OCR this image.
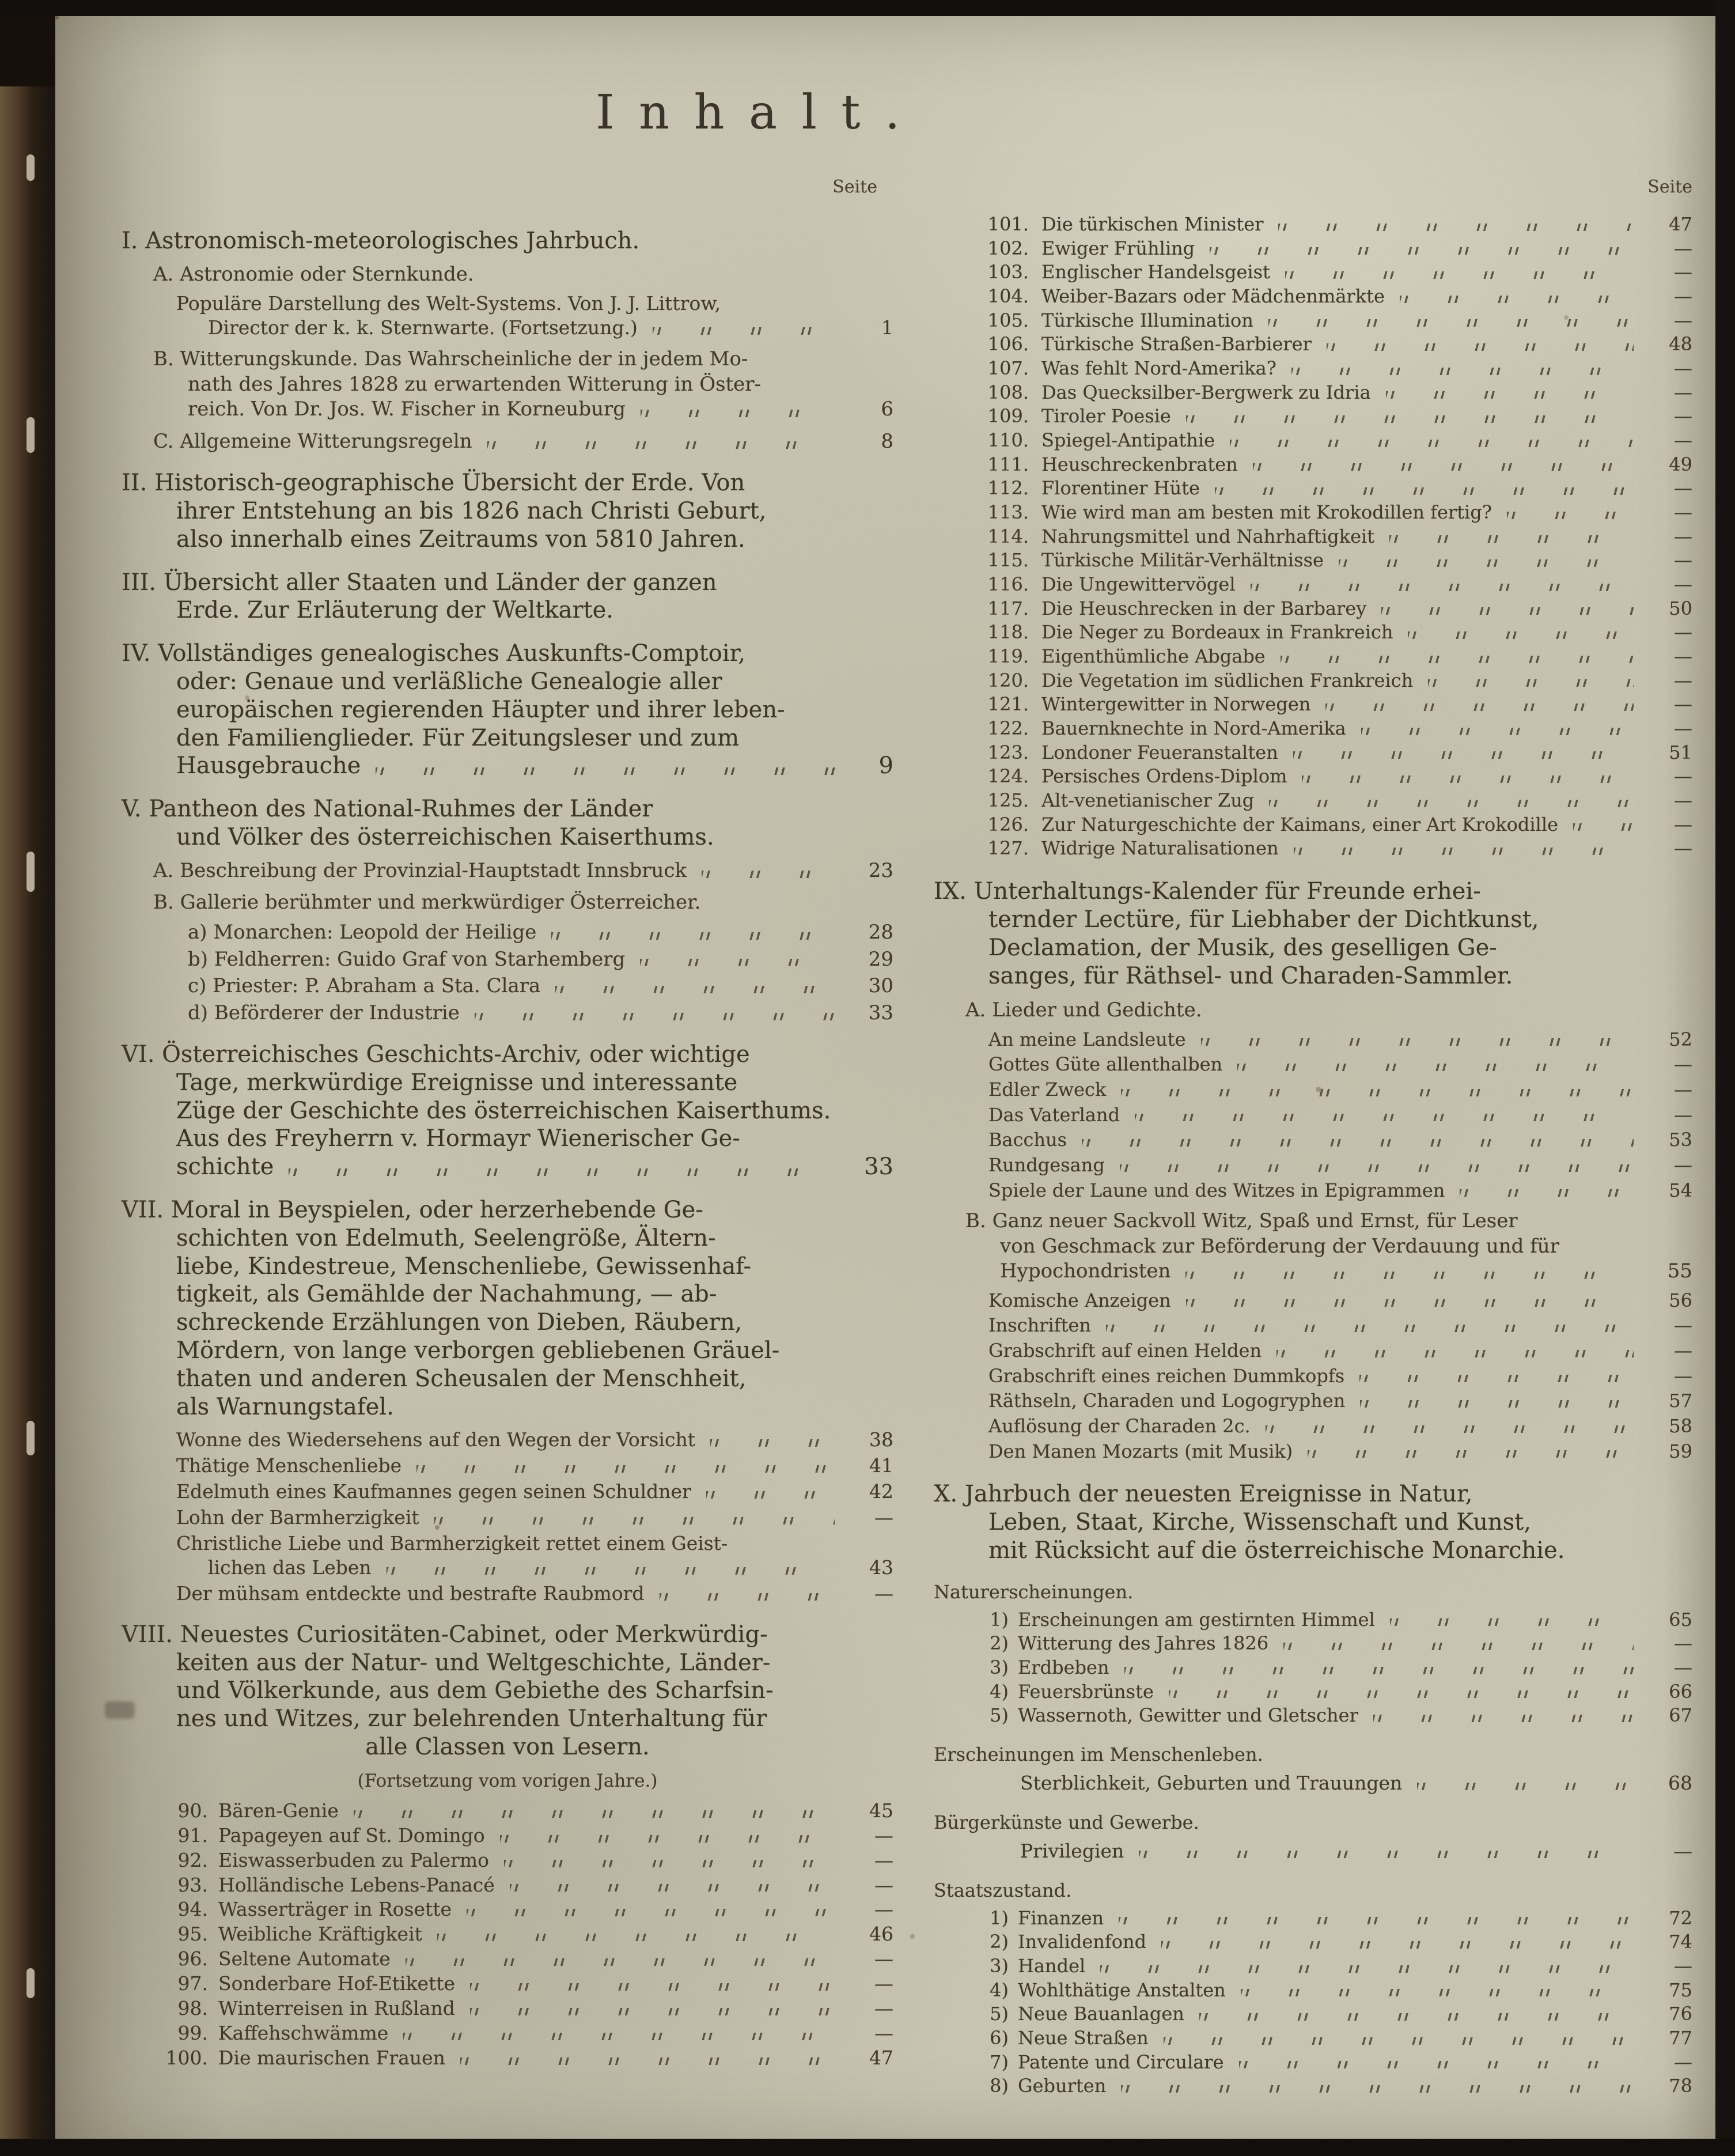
Inhalt.
Seite	Seite
I. Astronomisch-meteorologisches Jahrbuch.
A. Astronomie oder Sternkunde.
Populäre Darstellung des Welt-Systems. Von J. J. Littrow,
Director der k. k. Sternwarte. (Fortsetzung.)	1
B. Witterungskunde. Das Wahrscheinliche der in jedem Mo-
nath des Jahres 1828 zu erwartenden Witterung in Öster-
reich. Von Dr. Jos. W. Fischer in Korneuburg	6
C. Allgemeine Witterungsregeln	8
II. Historisch-geographische Übersicht der Erde. Von
ihrer Entstehung an bis 1826 nach Christi Geburt,
also innerhalb eines Zeitraums von 5810 Jahren.
III. Übersicht aller Staaten und Länder der ganzen
Erde. Zur Erläuterung der Weltkarte.
IV. Vollständiges genealogisches Auskunfts-Comptoir,
oder: Genaue und verläßliche Genealogie aller
europäischen regierenden Häupter und ihrer leben-
den Familienglieder. Für Zeitungsleser und zum
Hausgebrauche	9
V. Pantheon des National-Ruhmes der Länder
und Völker des österreichischen Kaiserthums.
A. Beschreibung der Provinzial-Hauptstadt Innsbruck	23
B. Gallerie berühmter und merkwürdiger Österreicher.
a) Monarchen: Leopold der Heilige	28
b) Feldherren: Guido Graf von Starhemberg	29
c) Priester: P. Abraham a Sta. Clara	30
d) Beförderer der Industrie	33
VI. Österreichisches Geschichts-Archiv, oder wichtige
Tage, merkwürdige Ereignisse und interessante
Züge der Geschichte des österreichischen Kaiserthums.
Aus des Freyherrn v. Hormayr Wienerischer Ge-
schichte	33
VII. Moral in Beyspielen, oder herzerhebende Ge-
schichten von Edelmuth, Seelengröße, Ältern-
liebe, Kindestreue, Menschenliebe, Gewissenhaf-
tigkeit, als Gemählde der Nachahmung, — ab-
schreckende Erzählungen von Dieben, Räubern,
Mördern, von lange verborgen gebliebenen Gräuel-
thaten und anderen Scheusalen der Menschheit,
als Warnungstafel.
Wonne des Wiedersehens auf den Wegen der Vorsicht	38
Thätige Menschenliebe	41
Edelmuth eines Kaufmannes gegen seinen Schuldner	42
Lohn der Barmherzigkeit	—
Christliche Liebe und Barmherzigkeit rettet einem Geist-
lichen das Leben	43
Der mühsam entdeckte und bestrafte Raubmord	—
VIII. Neuestes Curiositäten-Cabinet, oder Merkwürdig-
keiten aus der Natur- und Weltgeschichte, Länder-
und Völkerkunde, aus dem Gebiethe des Scharfsin-
nes und Witzes, zur belehrenden Unterhaltung für
alle Classen von Lesern.
(Fortsetzung vom vorigen Jahre.)
90. Bären-Genie	45
91. Papageyen auf St. Domingo	—
92. Eiswasserbuden zu Palermo	—
93. Holländische Lebens-Panacé	—
94. Wasserträger in Rosette	—
95. Weibliche Kräftigkeit	46
96. Seltene Automate	—
97. Sonderbare Hof-Etikette	—
98. Winterreisen in Rußland	—
99. Kaffehschwämme	—
100. Die maurischen Frauen	47
101. Die türkischen Minister	47
102. Ewiger Frühling	—
103. Englischer Handelsgeist	—
104. Weiber-Bazars oder Mädchenmärkte	—
105. Türkische Illumination	—
106. Türkische Straßen-Barbierer	48
107. Was fehlt Nord-Amerika?	—
108. Das Quecksilber-Bergwerk zu Idria	—
109. Tiroler Poesie	—
110. Spiegel-Antipathie	—
111. Heuschreckenbraten	49
112. Florentiner Hüte	—
113. Wie wird man am besten mit Krokodillen fertig?	—
114. Nahrungsmittel und Nahrhaftigkeit	—
115. Türkische Militär-Verhältnisse	—
116. Die Ungewittervögel	—
117. Die Heuschrecken in der Barbarey	50
118. Die Neger zu Bordeaux in Frankreich	—
119. Eigenthümliche Abgabe	—
120. Die Vegetation im südlichen Frankreich	—
121. Wintergewitter in Norwegen	—
122. Bauernknechte in Nord-Amerika	—
123. Londoner Feueranstalten	51
124. Persisches Ordens-Diplom	—
125. Alt-venetianischer Zug	—
126. Zur Naturgeschichte der Kaimans, einer Art Krokodille	—
127. Widrige Naturalisationen	—
IX. Unterhaltungs-Kalender für Freunde erhei-
ternder Lectüre, für Liebhaber der Dichtkunst,
Declamation, der Musik, des geselligen Ge-
sanges, für Räthsel- und Charaden-Sammler.
A. Lieder und Gedichte.
An meine Landsleute	52
Gottes Güte allenthalben	—
Edler Zweck	—
Das Vaterland	—
Bacchus	53
Rundgesang	—
Spiele der Laune und des Witzes in Epigrammen	54
B. Ganz neuer Sackvoll Witz, Spaß und Ernst, für Leser
von Geschmack zur Beförderung der Verdauung und für
Hypochondristen	55
Komische Anzeigen	56
Inschriften	—
Grabschrift auf einen Helden	—
Grabschrift eines reichen Dummkopfs	—
Räthseln, Charaden und Logogryphen	57
Auflösung der Charaden 2c.	58
Den Manen Mozarts (mit Musik)	59
X. Jahrbuch der neuesten Ereignisse in Natur,
Leben, Staat, Kirche, Wissenschaft und Kunst,
mit Rücksicht auf die österreichische Monarchie.
Naturerscheinungen.
1) Erscheinungen am gestirnten Himmel	65
2) Witterung des Jahres 1826	—
3) Erdbeben	—
4) Feuersbrünste	66
5) Wassernoth, Gewitter und Gletscher	67
Erscheinungen im Menschenleben.
Sterblichkeit, Geburten und Trauungen	68
Bürgerkünste und Gewerbe.
Privilegien	—
Staatszustand.
1) Finanzen	72
2) Invalidenfond	74
3) Handel	—
4) Wohlthätige Anstalten	75
5) Neue Bauanlagen	76
6) Neue Straßen	77
7) Patente und Circulare	—
8) Geburten	78
